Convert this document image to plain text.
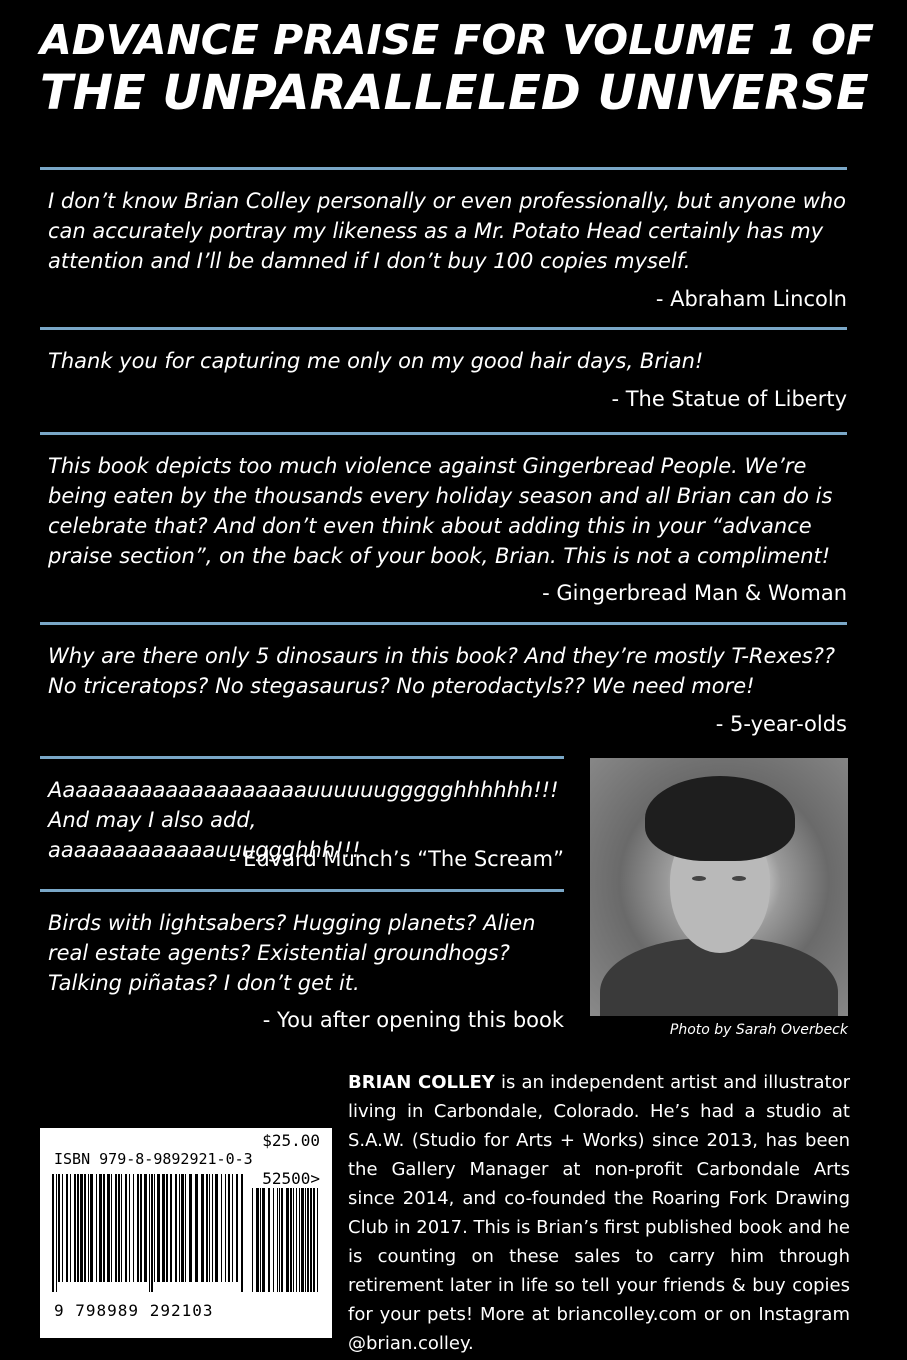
ADVANCE PRAISE FOR VOLUME 1 OF
THE UNPARALLELED UNIVERSE
I don’t know Brian Colley personally or even professionally, but anyone who
can accurately portray my likeness as a Mr. Potato Head certainly has my
attention and I’ll be damned if I don’t buy 100 copies myself.
- Abraham Lincoln
Thank you for capturing me only on my good hair days, Brian!
- The Statue of Liberty
This book depicts too much violence against Gingerbread People. We’re
being eaten by the thousands every holiday season and all Brian can do is
celebrate that? And don’t even think about adding this in your “advance
praise section”, on the back of your book, Brian. This is not a compliment!
- Gingerbread Man & Woman
Why are there only 5 dinosaurs in this book? And they’re mostly T-Rexes??
No triceratops? No stegasaurus? No pterodactyls?? We need more!
- 5-year-olds
Aaaaaaaaaaaaaaaaaaaauuuuuuggggghhhhhh!!!
And may I also add, aaaaaaaaaaaaauuuggghhh!!!
- Edvard Munch’s “The Scream”
Birds with lightsabers? Hugging planets? Alien
real estate agents? Existential groundhogs?
Talking piñatas? I don’t get it.
- You after opening this book	Photo by Sarah Overbeck
BRIAN COLLEY is an independent artist and illustrator living in Carbondale, Colorado. He’s had a studio at S.A.W. (Studio for Arts + Works) since 2013, has been the Gallery Manager at non-profit Carbondale Arts since 2014, and co-founded the Roaring Fork Drawing Club in 2017. This is Brian’s first published book and he is counting on these sales to carry him through retirement later in life so tell your friends & buy copies for your pets! More at briancolley.com or on Instagram @brian.colley.
$25.00
ISBN 979-8-9892921-0-3
52500>
9 798989 292103
